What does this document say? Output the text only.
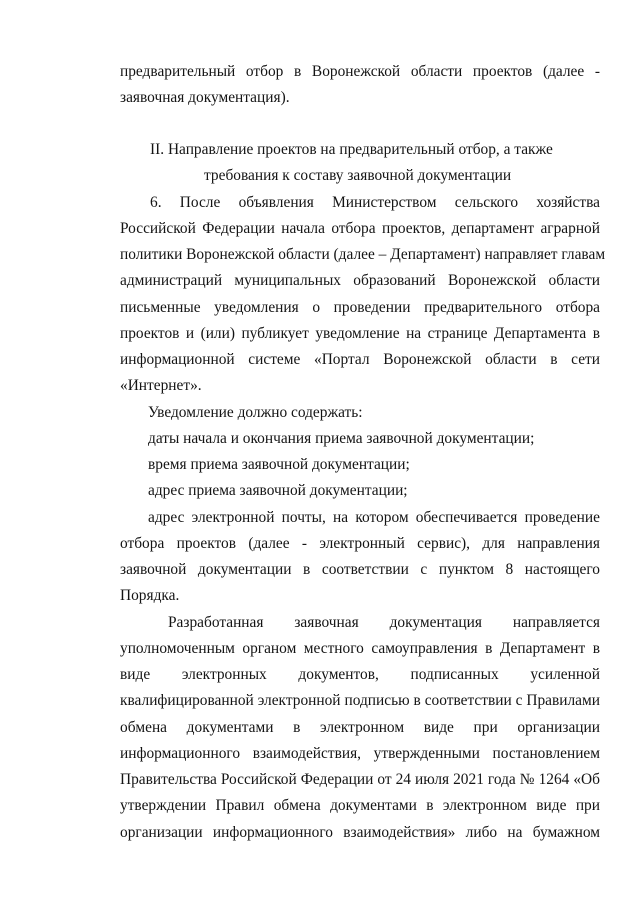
предварительный отбор в Воронежской области проектов (далее -
заявочная документация).
II. Направление проектов на предварительный отбор, а также
требования к составу заявочной документации
6. После объявления Министерством сельского хозяйства
Российской Федерации начала отбора проектов, департамент аграрной
политики Воронежской области (далее – Департамент) направляет главам
администраций муниципальных образований Воронежской области
письменные уведомления о проведении предварительного отбора
проектов и (или) публикует уведомление на странице Департамента в
информационной системе «Портал Воронежской области в сети
«Интернет».
Уведомление должно содержать:
даты начала и окончания приема заявочной документации;
время приема заявочной документации;
адрес приема заявочной документации;
адрес электронной почты, на котором обеспечивается проведение
отбора проектов (далее - электронный сервис), для направления
заявочной документации в соответствии с пунктом 8 настоящего
Порядка.
Разработанная заявочная документация направляется
уполномоченным органом местного самоуправления в Департамент в
виде электронных документов, подписанных усиленной
квалифицированной электронной подписью в соответствии с Правилами
обмена документами в электронном виде при организации
информационного взаимодействия, утвержденными постановлением
Правительства Российской Федерации от 24 июля 2021 года № 1264 «Об
утверждении Правил обмена документами в электронном виде при
организации информационного взаимодействия» либо на бумажном
